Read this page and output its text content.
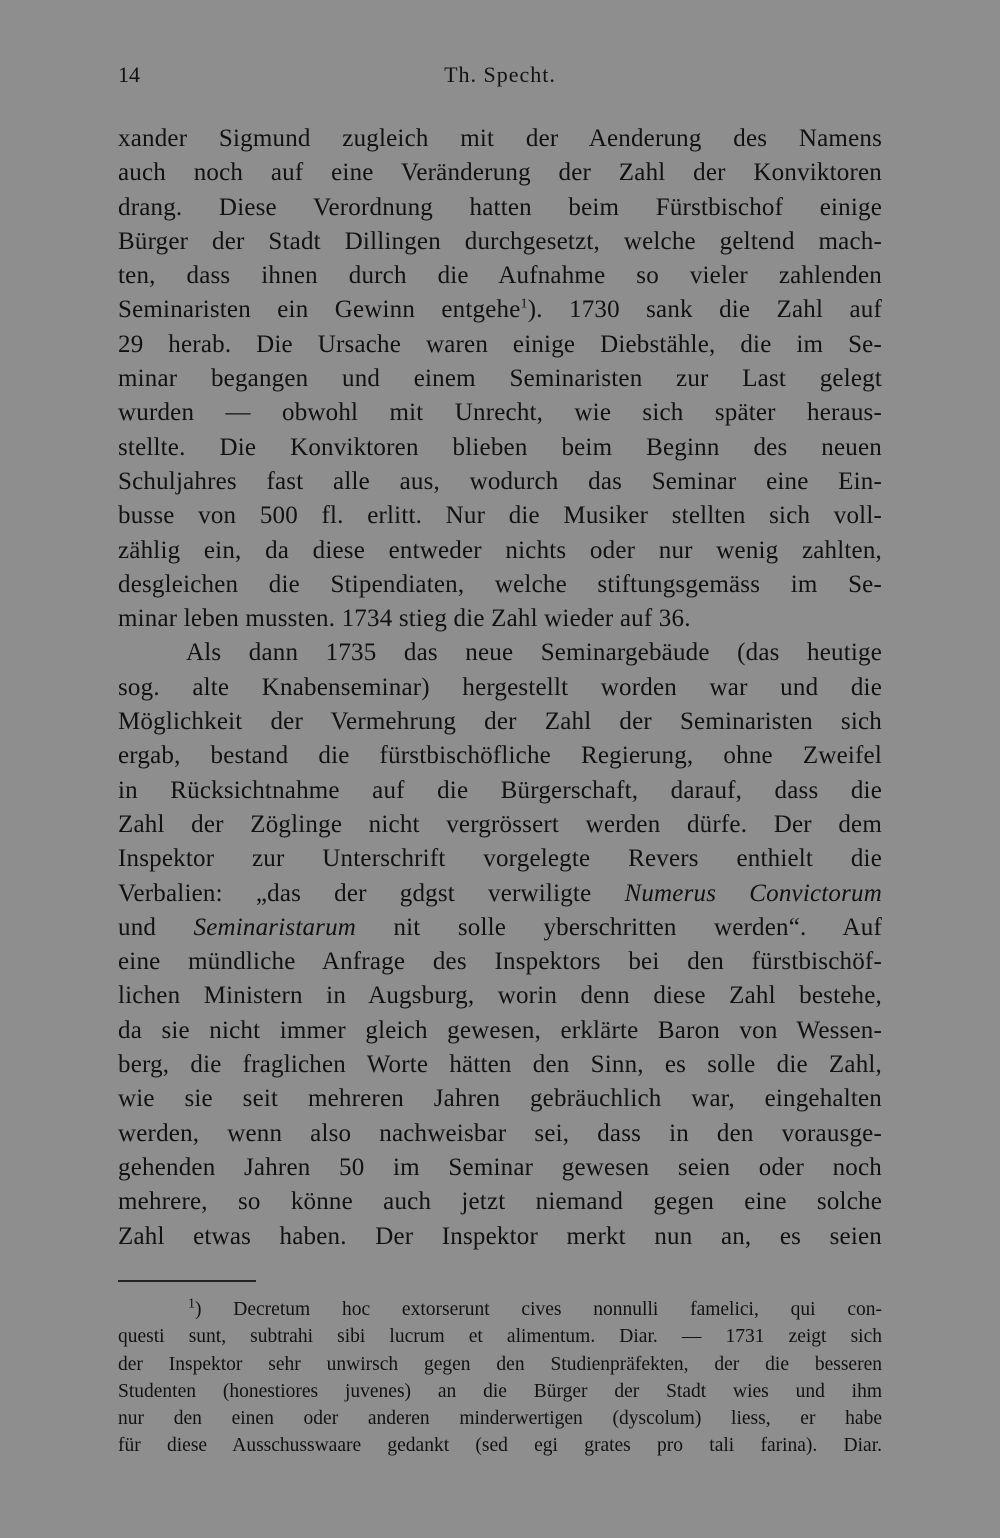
14	Th. Specht.
xander Sigmund zugleich mit der Aenderung des Namens
auch noch auf eine Veränderung der Zahl der Konviktoren
drang. Diese Verordnung hatten beim Fürstbischof einige
Bürger der Stadt Dillingen durchgesetzt, welche geltend mach-
ten, dass ihnen durch die Aufnahme so vieler zahlenden
Seminaristen ein Gewinn entgehe$^1$). 1730 sank die Zahl auf
29 herab. Die Ursache waren einige Diebstähle, die im Se-
minar begangen und einem Seminaristen zur Last gelegt
wurden — obwohl mit Unrecht, wie sich später heraus-
stellte. Die Konviktoren blieben beim Beginn des neuen
Schuljahres fast alle aus, wodurch das Seminar eine Ein-
busse von 500 fl. erlitt. Nur die Musiker stellten sich voll-
zählig ein, da diese entweder nichts oder nur wenig zahlten,
desgleichen die Stipendiaten, welche stiftungsgemäss im Se-
minar leben mussten. 1734 stieg die Zahl wieder auf 36.
Als dann 1735 das neue Seminargebäude (das heutige
sog. alte Knabenseminar) hergestellt worden war und die
Möglichkeit der Vermehrung der Zahl der Seminaristen sich
ergab, bestand die fürstbischöfliche Regierung, ohne Zweifel
in Rücksichtnahme auf die Bürgerschaft, darauf, dass die
Zahl der Zöglinge nicht vergrössert werden dürfe. Der dem
Inspektor zur Unterschrift vorgelegte Revers enthielt die
Verbalien: „das der gdgst verwiligte Numerus Convictorum
und Seminaristarum nit solle yberschritten werden“. Auf
eine mündliche Anfrage des Inspektors bei den fürstbischöf-
lichen Ministern in Augsburg, worin denn diese Zahl bestehe,
da sie nicht immer gleich gewesen, erklärte Baron von Wessen-
berg, die fraglichen Worte hätten den Sinn, es solle die Zahl,
wie sie seit mehreren Jahren gebräuchlich war, eingehalten
werden, wenn also nachweisbar sei, dass in den vorausge-
gehenden Jahren 50 im Seminar gewesen seien oder noch
mehrere, so könne auch jetzt niemand gegen eine solche
Zahl etwas haben. Der Inspektor merkt nun an, es seien
$^1$) Decretum hoc extorserunt cives nonnulli famelici, qui con-
questi sunt, subtrahi sibi lucrum et alimentum. Diar. — 1731 zeigt sich
der Inspektor sehr unwirsch gegen den Studienpräfekten, der die besseren
Studenten (honestiores juvenes) an die Bürger der Stadt wies und ihm
nur den einen oder anderen minderwertigen (dyscolum) liess, er habe
für diese Ausschusswaare gedankt (sed egi grates pro tali farina). Diar.
